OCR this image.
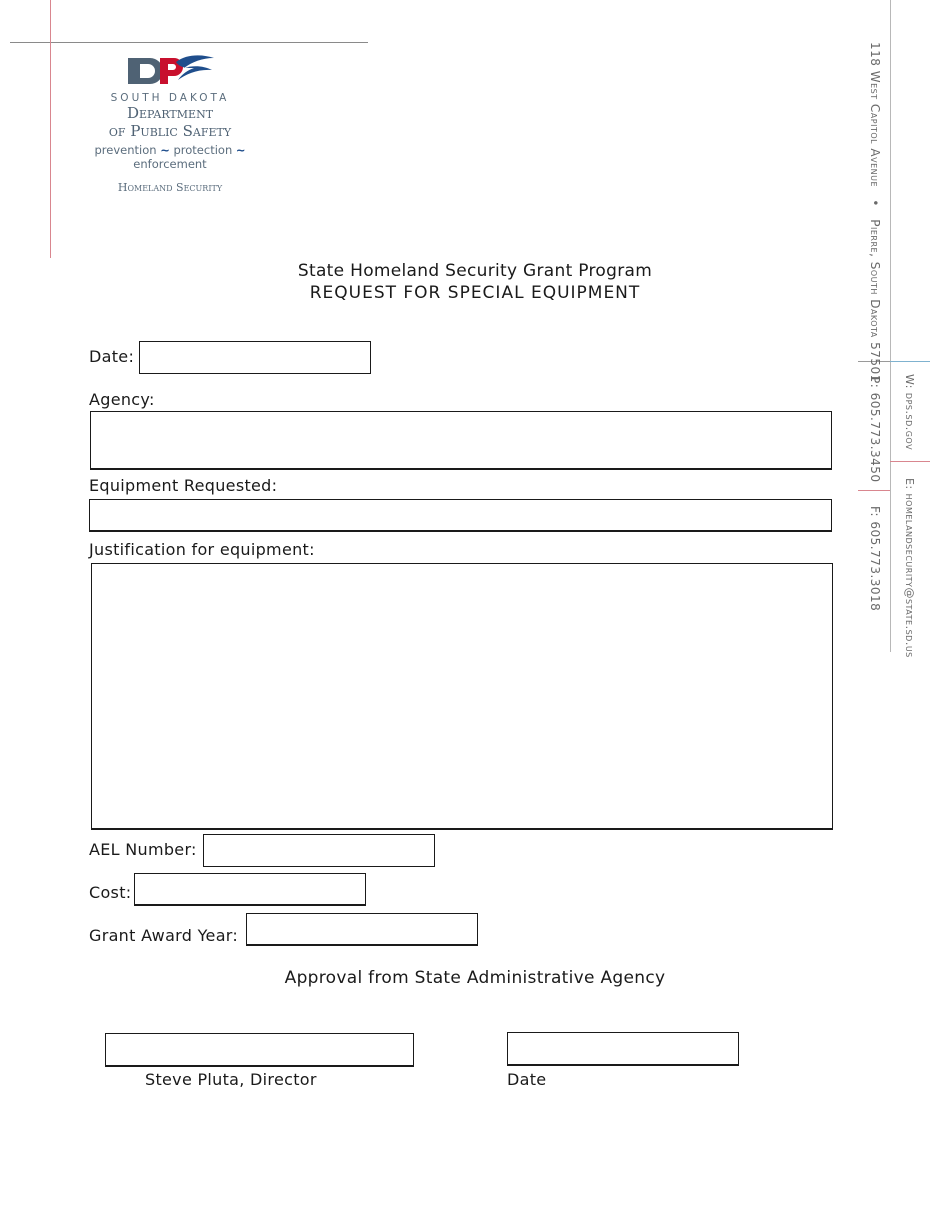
SOUTH DAKOTA
Department
of Public Safety
prevention ~ protection ~ enforcement
Homeland Security
118 West Capitol Avenue • Pierre, South Dakota 57501
P: 605.773.3450
F: 605.773.3018
W: dps.sd.gov
E: homelandsecurity@state.sd.us
State Homeland Security Grant Program
REQUEST FOR SPECIAL EQUIPMENT
Date:
Agency:
Equipment Requested:
Justification for equipment:
AEL Number:
Cost:
Grant Award Year:
Approval from State Administrative Agency
Steve Pluta, Director	Date
